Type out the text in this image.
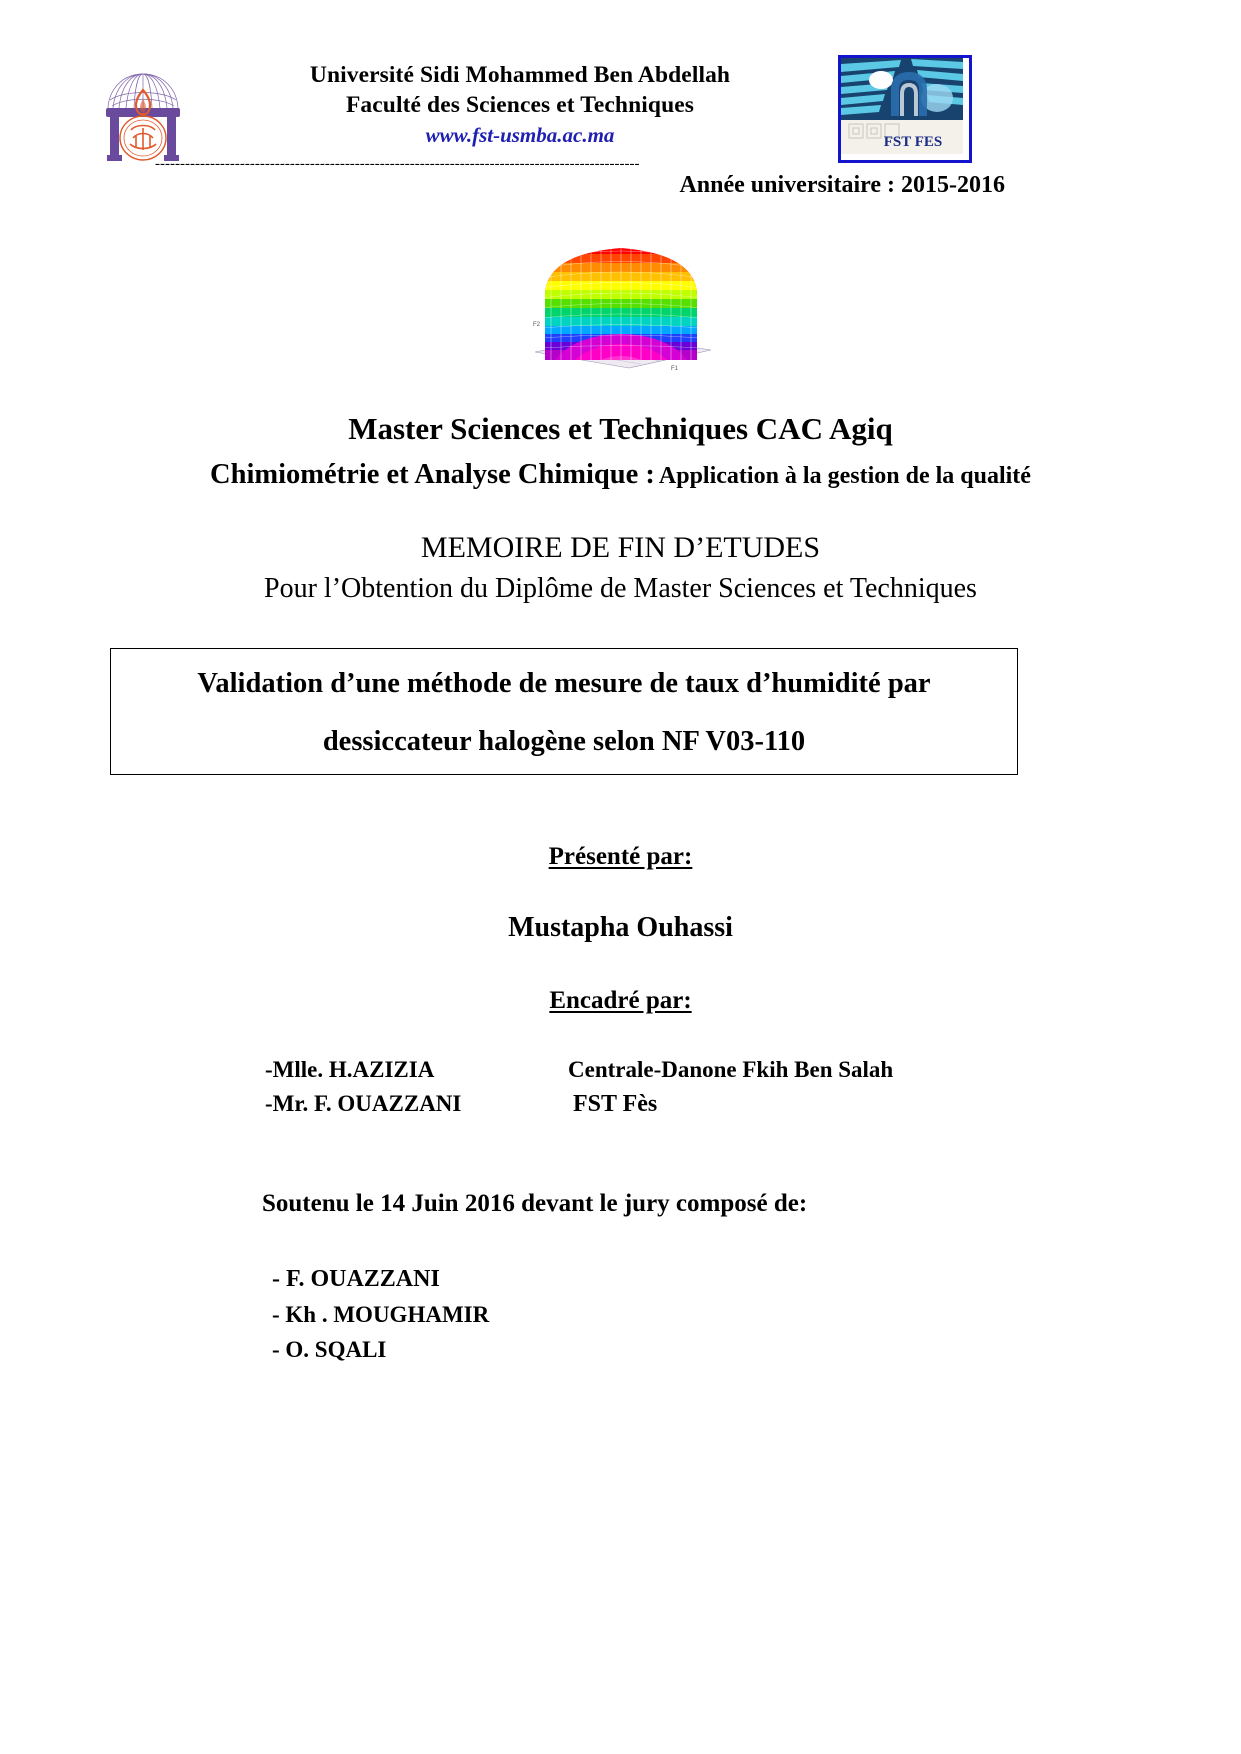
Université Sidi Mohammed Ben Abdellah
Faculté des Sciences et Techniques
www.fst-usmba.ac.ma	FST FES
-------------------------------------------------------------------------------------------------
Année universitaire : 2015-2016
F2
F1
Master Sciences et Techniques CAC Agiq
Chimiométrie et Analyse Chimique : Application à la gestion de la qualité
MEMOIRE DE FIN D’ETUDES
Pour l’Obtention du Diplôme de Master Sciences et Techniques
Validation d’une méthode de mesure de taux d’humidité par
dessiccateur halogène selon NF V03-110
Présenté par:
Mustapha Ouhassi
Encadré par:
-Mlle. H.AZIZIA	Centrale-Danone Fkih Ben Salah
-Mr. F. OUAZZANI	FST Fès
Soutenu le 14 Juin 2016 devant le jury composé de:
- F. OUAZZANI
- Kh . MOUGHAMIR
- O. SQALI
